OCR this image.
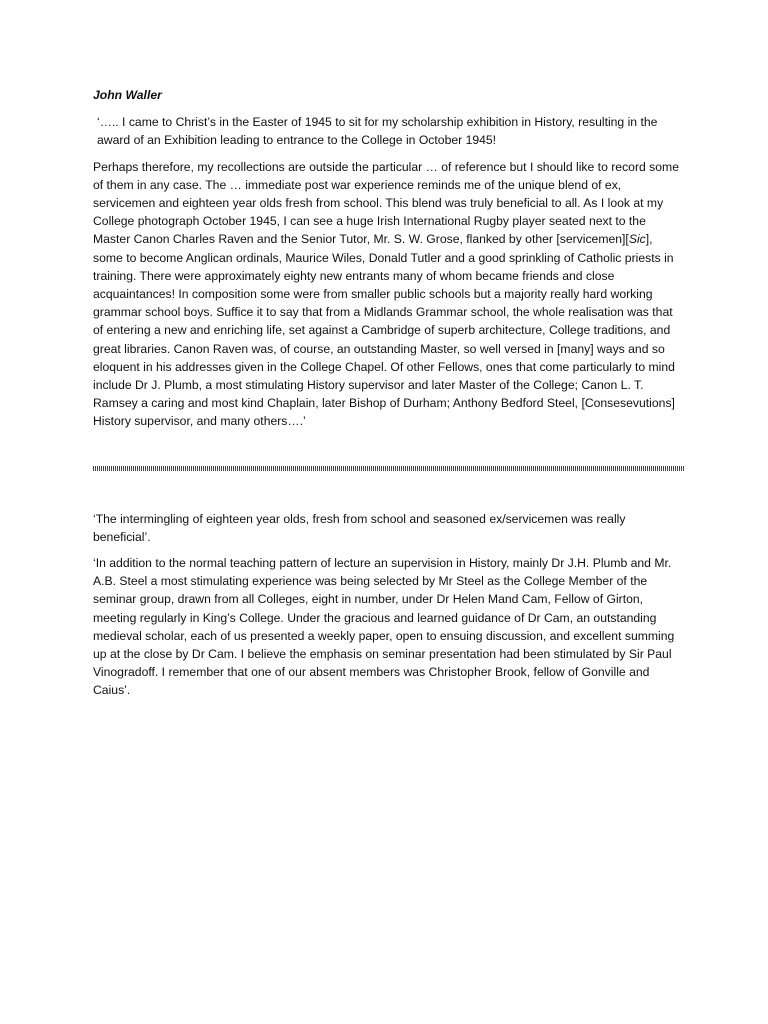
John Waller

‘….. I came to Christ’s in the Easter of 1945 to sit for my scholarship exhibition in History, resulting in the award of an Exhibition leading to entrance to the College in October 1945!

Perhaps therefore, my recollections are outside the particular … of reference but I should like to record some of them in any case. The … immediate post war experience reminds me of the unique blend of ex, servicemen and eighteen year olds fresh from school. This blend was truly beneficial to all. As I look at my College photograph October 1945, I can see a huge Irish International Rugby player seated next to the Master Canon Charles Raven and the Senior Tutor, Mr. S. W. Grose, flanked by other [servicemen][Sic], some to become Anglican ordinals, Maurice Wiles, Donald Tutler and a good sprinkling of Catholic priests in training. There were approximately eighty new entrants many of whom became friends and close acquaintances! In composition some were from smaller public schools but a majority really hard working grammar school boys. Suffice it to say that from a Midlands Grammar school, the whole realisation was that of entering a new and enriching life, set against a Cambridge of superb architecture, College traditions, and great libraries. Canon Raven was, of course, an outstanding Master, so well versed in [many] ways and so eloquent in his addresses given in the College Chapel. Of other Fellows, ones that come particularly to mind include Dr J. Plumb, a most stimulating History supervisor and later Master of the College; Canon L. T. Ramsey a caring and most kind Chaplain, later Bishop of Durham; Anthony Bedford Steel, [Consesevutions] History supervisor, and many others….’

‘The intermingling of eighteen year olds, fresh from school and seasoned ex/servicemen was really beneficial’.

‘In addition to the normal teaching pattern of lecture an supervision in History, mainly Dr J.H. Plumb and Mr. A.B. Steel a most stimulating experience was being selected by Mr Steel as the College Member of the seminar group, drawn from all Colleges, eight in number, under Dr Helen Mand Cam, Fellow of Girton, meeting regularly in King’s College. Under the gracious and learned guidance of Dr Cam, an outstanding medieval scholar, each of us presented a weekly paper, open to ensuing discussion, and excellent summing up at the close by Dr Cam. I believe the emphasis on seminar presentation had been stimulated by Sir Paul Vinogradoff. I remember that one of our absent members was Christopher Brook, fellow of Gonville and Caius’.
